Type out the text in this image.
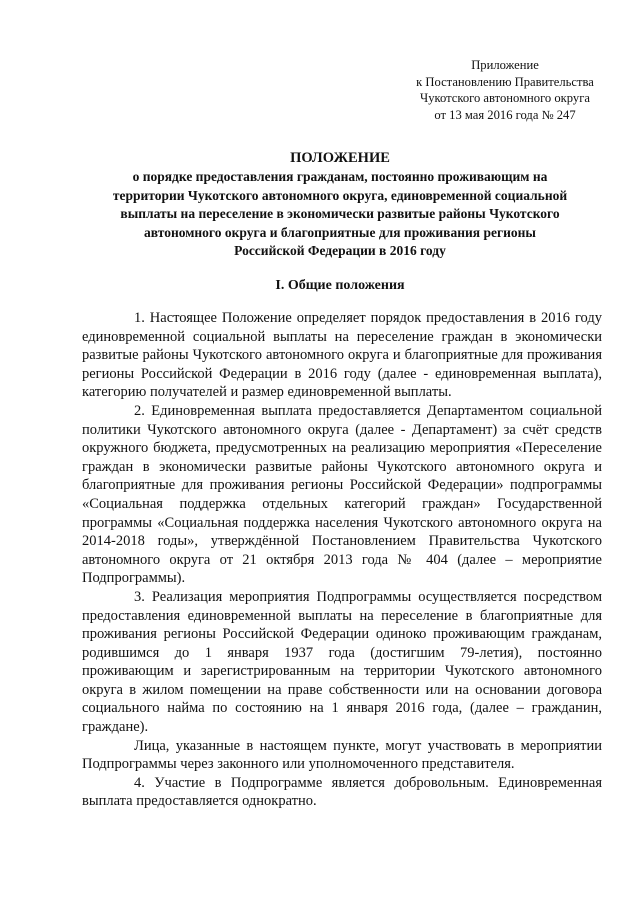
Приложение
к Постановлению Правительства
Чукотского автономного округа
от 13 мая 2016 года № 247
ПОЛОЖЕНИЕ
о порядке предоставления гражданам, постоянно проживающим на
территории Чукотского автономного округа, единовременной социальной
выплаты на переселение в экономически развитые районы Чукотского
автономного округа и благоприятные для проживания регионы
Российской Федерации в 2016 году
I. Общие положения

1. Настоящее Положение определяет порядок предоставления в 2016 году единовременной социальной выплаты на переселение граждан в экономически развитые районы Чукотского автономного округа и благоприятные для проживания регионы Российской Федерации в 2016 году (далее - единовременная выплата), категорию получателей и размер единовременной выплаты.

2. Единовременная выплата предоставляется Департаментом социальной политики Чукотского автономного округа (далее - Департамент) за счёт средств окружного бюджета, предусмотренных на реализацию мероприятия «Переселение граждан в экономически развитые районы Чукотского автономного округа и благоприятные для проживания регионы Российской Федерации» подпрограммы «Социальная поддержка отдельных категорий граждан» Государственной программы «Социальная поддержка населения Чукотского автономного округа на 2014-2018 годы», утверждённой Постановлением Правительства Чукотского автономного округа от 21 октября 2013 года № 404 (далее – мероприятие Подпрограммы).

3. Реализация мероприятия Подпрограммы осуществляется посредством предоставления единовременной выплаты на переселение в благоприятные для проживания регионы Российской Федерации одиноко проживающим гражданам, родившимся до 1 января 1937 года (достигшим 79-летия), постоянно проживающим и зарегистрированным на территории Чукотского автономного округа в жилом помещении на праве собственности или на основании договора социального найма по состоянию на 1 января 2016 года, (далее – гражданин, граждане).

Лица, указанные в настоящем пункте, могут участвовать в мероприятии Подпрограммы через законного или уполномоченного представителя.

4. Участие в Подпрограмме является добровольным. Единовременная выплата предоставляется однократно.
